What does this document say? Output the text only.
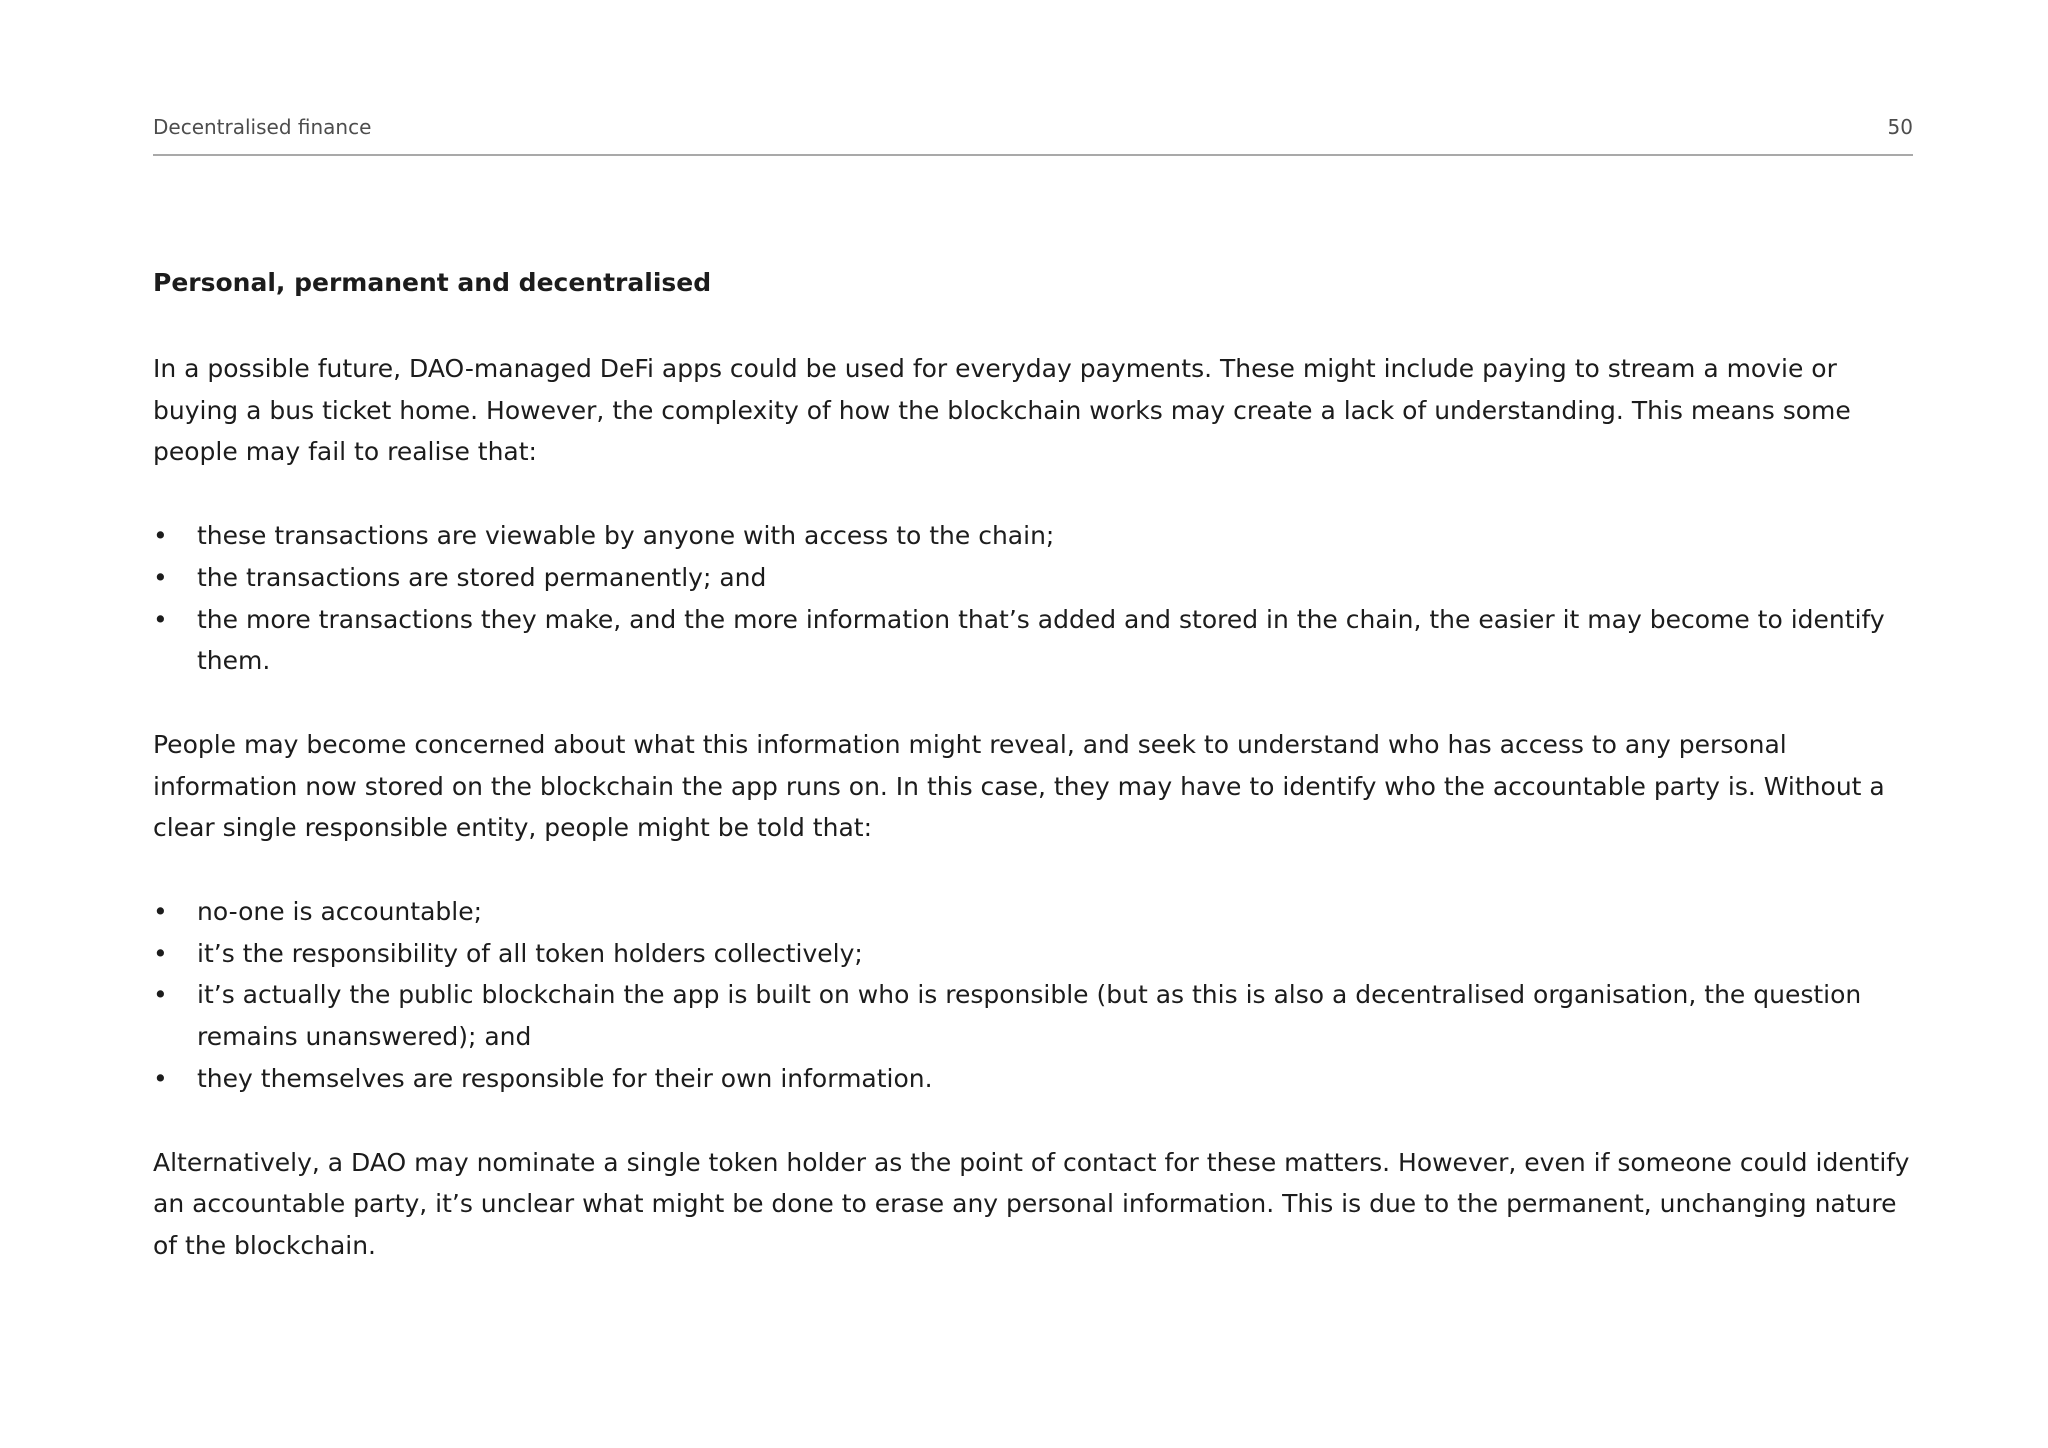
Decentralised finance	50
Personal, permanent and decentralised

In a possible future, DAO-managed DeFi apps could be used for everyday payments. These might include paying to stream a movie or buying a bus ticket home. However, the complexity of how the blockchain works may create a lack of understanding. This means some people may fail to realise that:

• these transactions are viewable by anyone with access to the chain;
• the transactions are stored permanently; and
• the more transactions they make, and the more information that’s added and stored in the chain, the easier it may become to identify them.

People may become concerned about what this information might reveal, and seek to understand who has access to any personal information now stored on the blockchain the app runs on. In this case, they may have to identify who the accountable party is. Without a clear single responsible entity, people might be told that:

• no-one is accountable;
• it’s the responsibility of all token holders collectively;
• it’s actually the public blockchain the app is built on who is responsible (but as this is also a decentralised organisation, the question remains unanswered); and
• they themselves are responsible for their own information.

Alternatively, a DAO may nominate a single token holder as the point of contact for these matters. However, even if someone could identify an accountable party, it’s unclear what might be done to erase any personal information. This is due to the permanent, unchanging nature of the blockchain.
